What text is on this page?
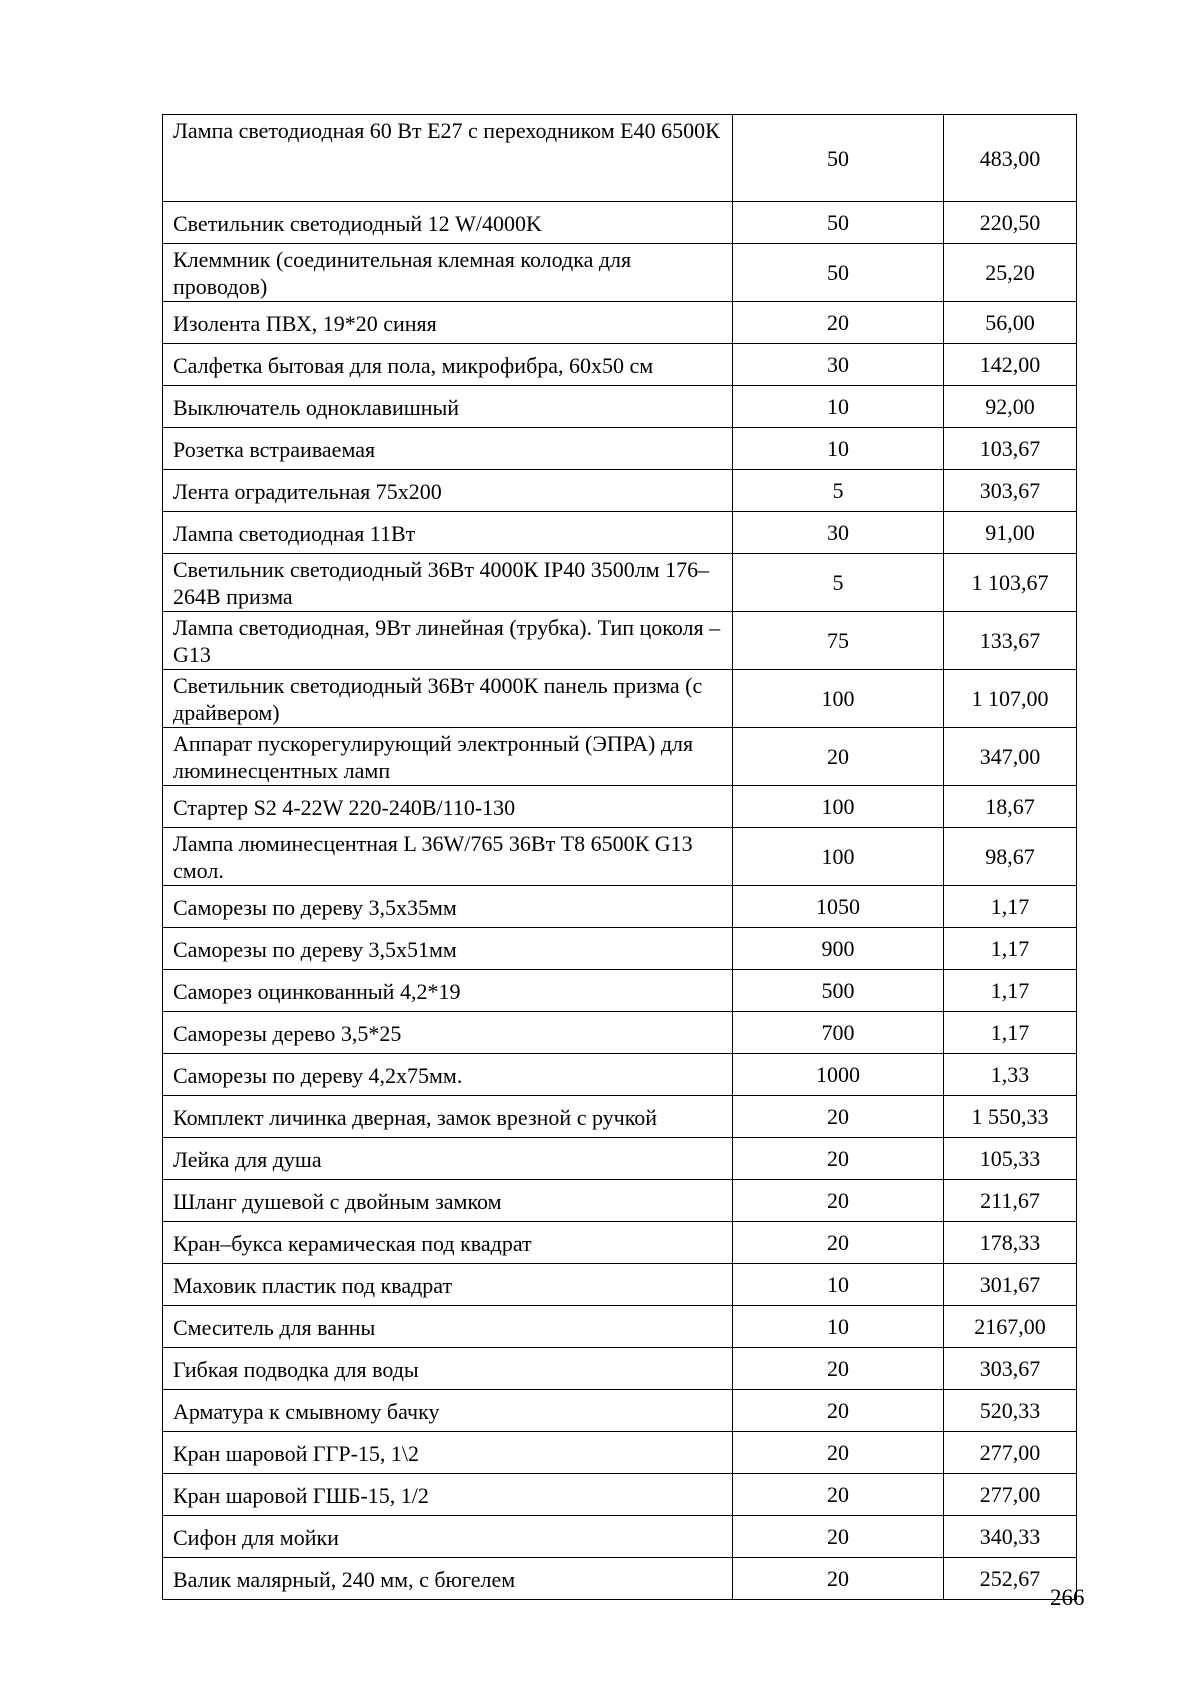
Лампа светодиодная 60 Вт Е27 с переходником Е40 6500К	50	483,00
Светильник светодиодный 12 W/4000K	50	220,50
Клеммник (соединительная клемная колодка для проводов)	50	25,20
Изолента ПВХ, 19*20 синяя	20	56,00
Салфетка бытовая для пола, микрофибра, 60х50 см	30	142,00
Выключатель одноклавишный	10	92,00
Розетка встраиваемая	10	103,67
Лента оградительная 75х200	5	303,67
Лампа светодиодная 11Вт	30	91,00
Светильник светодиодный 36Вт 4000К IP40 3500лм 176–264В призма	5	1 103,67
Лампа светодиодная, 9Вт линейная (трубка). Тип цоколя –G13	75	133,67
Светильник светодиодный 36Вт 4000К панель призма (с драйвером)	100	1 107,00
Аппарат пускорегулирующий электронный (ЭПРА) для люминесцентных ламп	20	347,00
Стартер S2 4-22W 220-240В/110-130	100	18,67
Лампа люминесцентная L 36W/765 36Вт Т8 6500К G13 смол.	100	98,67
Саморезы по дереву 3,5х35мм	1050	1,17
Саморезы по дереву 3,5х51мм	900	1,17
Саморез оцинкованный 4,2*19	500	1,17
Саморезы дерево 3,5*25	700	1,17
Саморезы по дереву 4,2х75мм.	1000	1,33
Комплект личинка дверная, замок врезной с ручкой	20	1 550,33
Лейка для душа	20	105,33
Шланг душевой с двойным замком	20	211,67
Кран–букса керамическая под квадрат	20	178,33
Маховик пластик под квадрат	10	301,67
Смеситель для ванны	10	2167,00
Гибкая подводка для воды	20	303,67
Арматура к смывному бачку	20	520,33
Кран шаровой ГГР-15, 1\2	20	277,00
Кран шаровой ГШБ-15, 1/2	20	277,00
Сифон для мойки	20	340,33
Валик малярный, 240 мм, с бюгелем	20	252,67
266
